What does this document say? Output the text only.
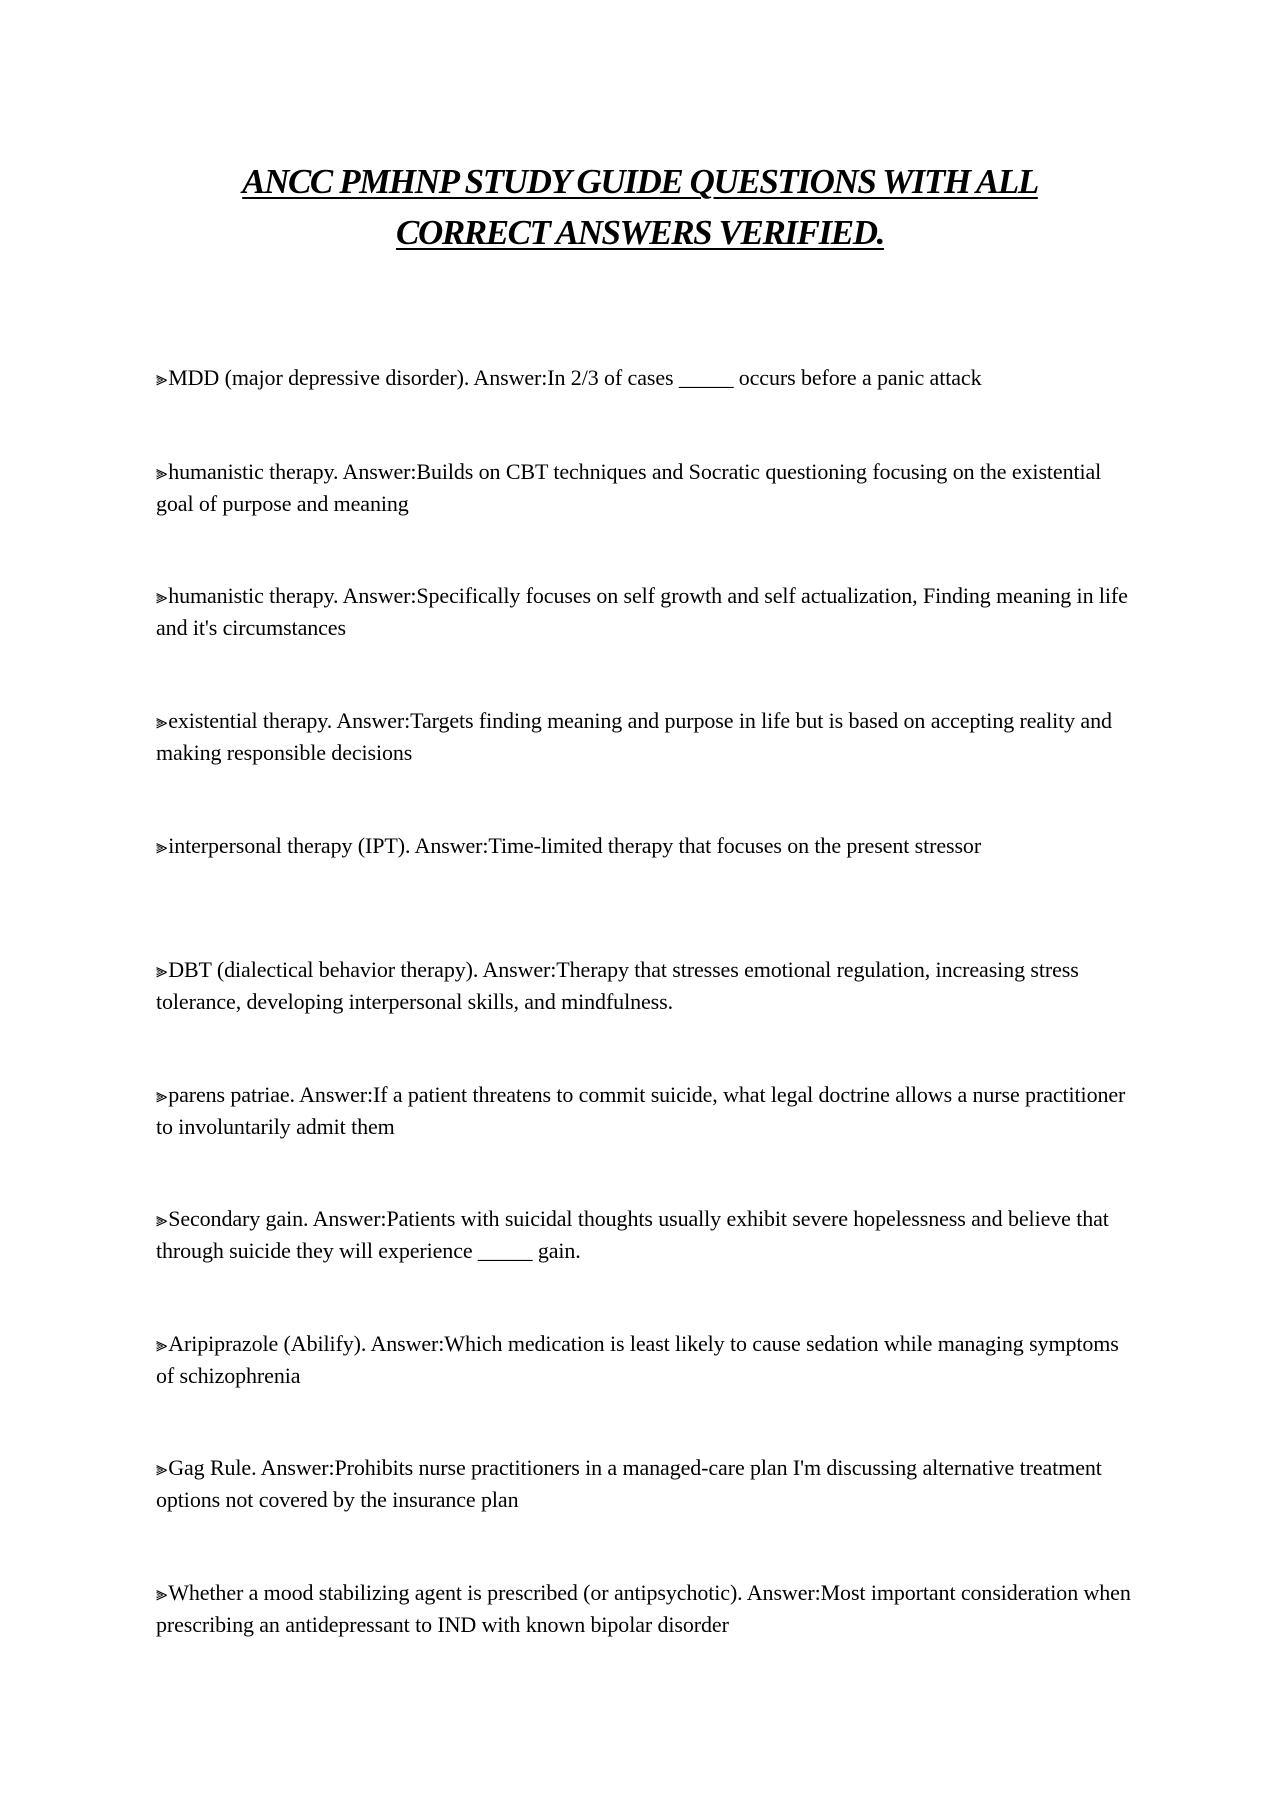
ANCC PMHNP STUDY GUIDE QUESTIONS WITH ALL
CORRECT ANSWERS VERIFIED.

⫸MDD (major depressive disorder). Answer:In 2/3 of cases _____ occurs before a panic attack

⫸humanistic therapy. Answer:Builds on CBT techniques and Socratic questioning focusing on the existential goal of purpose and meaning

⫸humanistic therapy. Answer:Specifically focuses on self growth and self actualization, Finding meaning in life and it's circumstances

⫸existential therapy. Answer:Targets finding meaning and purpose in life but is based on accepting reality and making responsible decisions

⫸interpersonal therapy (IPT). Answer:Time-limited therapy that focuses on the present stressor

⫸DBT (dialectical behavior therapy). Answer:Therapy that stresses emotional regulation, increasing stress tolerance, developing interpersonal skills, and mindfulness.

⫸parens patriae. Answer:If a patient threatens to commit suicide, what legal doctrine allows a nurse practitioner to involuntarily admit them

⫸Secondary gain. Answer:Patients with suicidal thoughts usually exhibit severe hopelessness and believe that through suicide they will experience _____ gain.

⫸Aripiprazole (Abilify). Answer:Which medication is least likely to cause sedation while managing symptoms of schizophrenia

⫸Gag Rule. Answer:Prohibits nurse practitioners in a managed-care plan I'm discussing alternative treatment options not covered by the insurance plan

⫸Whether a mood stabilizing agent is prescribed (or antipsychotic). Answer:Most important consideration when prescribing an antidepressant to IND with known bipolar disorder
